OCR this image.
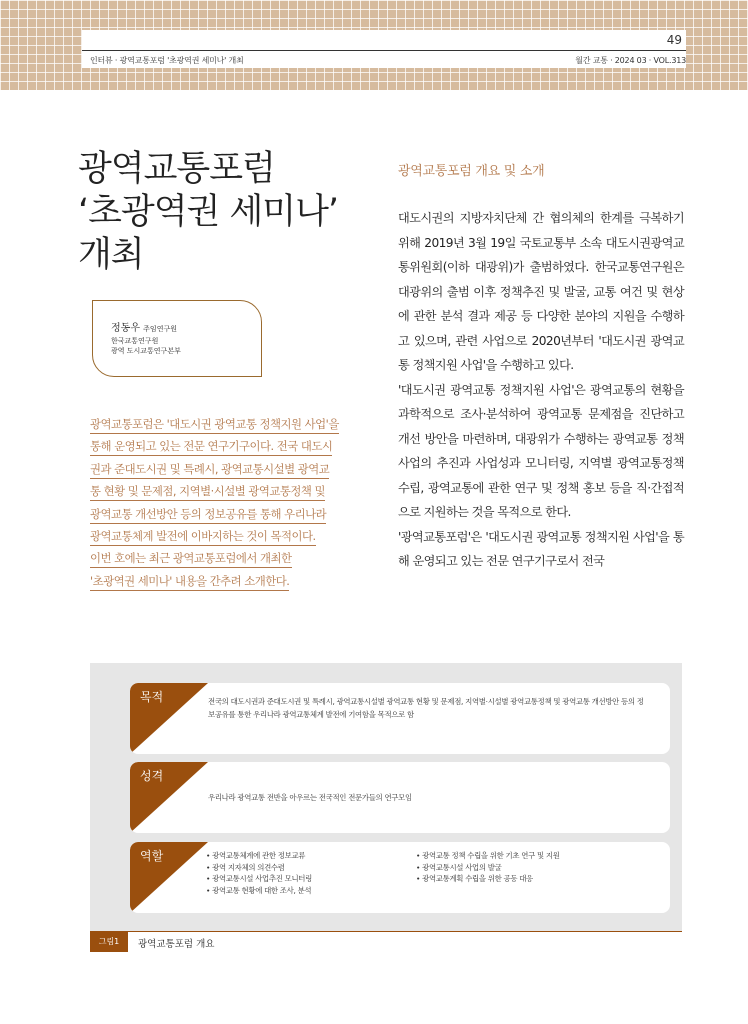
49
인터뷰 · 광역교통포럼 '초광역권 세미나' 개최	월간 교통 · 2024 03 · VOL.313
광역교통포럼
‘초광역권 세미나’
개최
정동우 주임연구원
한국교통연구원
광역 도시교통연구본부
광역교통포럼은 '대도시권 광역교통 정책지원 사업'을
통해 운영되고 있는 전문 연구기구이다. 전국 대도시
권과 준대도시권 및 특례시, 광역교통시설별 광역교
통 현황 및 문제점, 지역별·시설별 광역교통정책 및
광역교통 개선방안 등의 정보공유를 통해 우리나라
광역교통체계 발전에 이바지하는 것이 목적이다.
이번 호에는 최근 광역교통포럼에서 개최한
'초광역권 세미나' 내용을 간추려 소개한다.
광역교통포럼 개요 및 소개

대도시권의 지방자치단체 간 협의체의 한계를 극복하기 위해 2019년 3월 19일 국토교통부 소속 대도시권광역교통위원회(이하 대광위)가 출범하였다. 한국교통연구원은 대광위의 출범 이후 정책추진 및 발굴, 교통 여건 및 현상에 관한 분석 결과 제공 등 다양한 분야의 지원을 수행하고 있으며, 관련 사업으로 2020년부터 '대도시권 광역교통 정책지원 사업'을 수행하고 있다.

'대도시권 광역교통 정책지원 사업'은 광역교통의 현황을 과학적으로 조사·분석하여 광역교통 문제점을 진단하고 개선 방안을 마련하며, 대광위가 수행하는 광역교통 정책사업의 추진과 사업성과 모니터링, 지역별 광역교통정책 수립, 광역교통에 관한 연구 및 정책 홍보 등을 직·간접적으로 지원하는 것을 목적으로 한다.

'광역교통포럼'은 '대도시권 광역교통 정책지원 사업'을 통해 운영되고 있는 전문 연구기구로서 전국

목적	전국의 대도시권과 준대도시권 및 특례시, 광역교통시설별 광역교통 현황 및 문제점, 지역별·시설별 광역교통정책 및 광역교통 개선방안 등의 정보공유를 통한 우리나라 광역교통체계 발전에 기여함을 목적으로 함
성격
우리나라 광역교통 전반을 아우르는 전국적인 전문가들의 연구모임
역할
•	광역교통체계에 관한 정보교류
• 광역 지자체의 의견수렴
• 광역교통시설 사업추진 모니터링
• 광역교통 현황에 대한 조사, 분석
• 광역교통 정책 수립을 위한 기초 연구 및 지원
• 광역교통시설 사업의 발굴
• 광역교통계획 수립을 위한 공동 대응
그림1	광역교통포럼 개요
